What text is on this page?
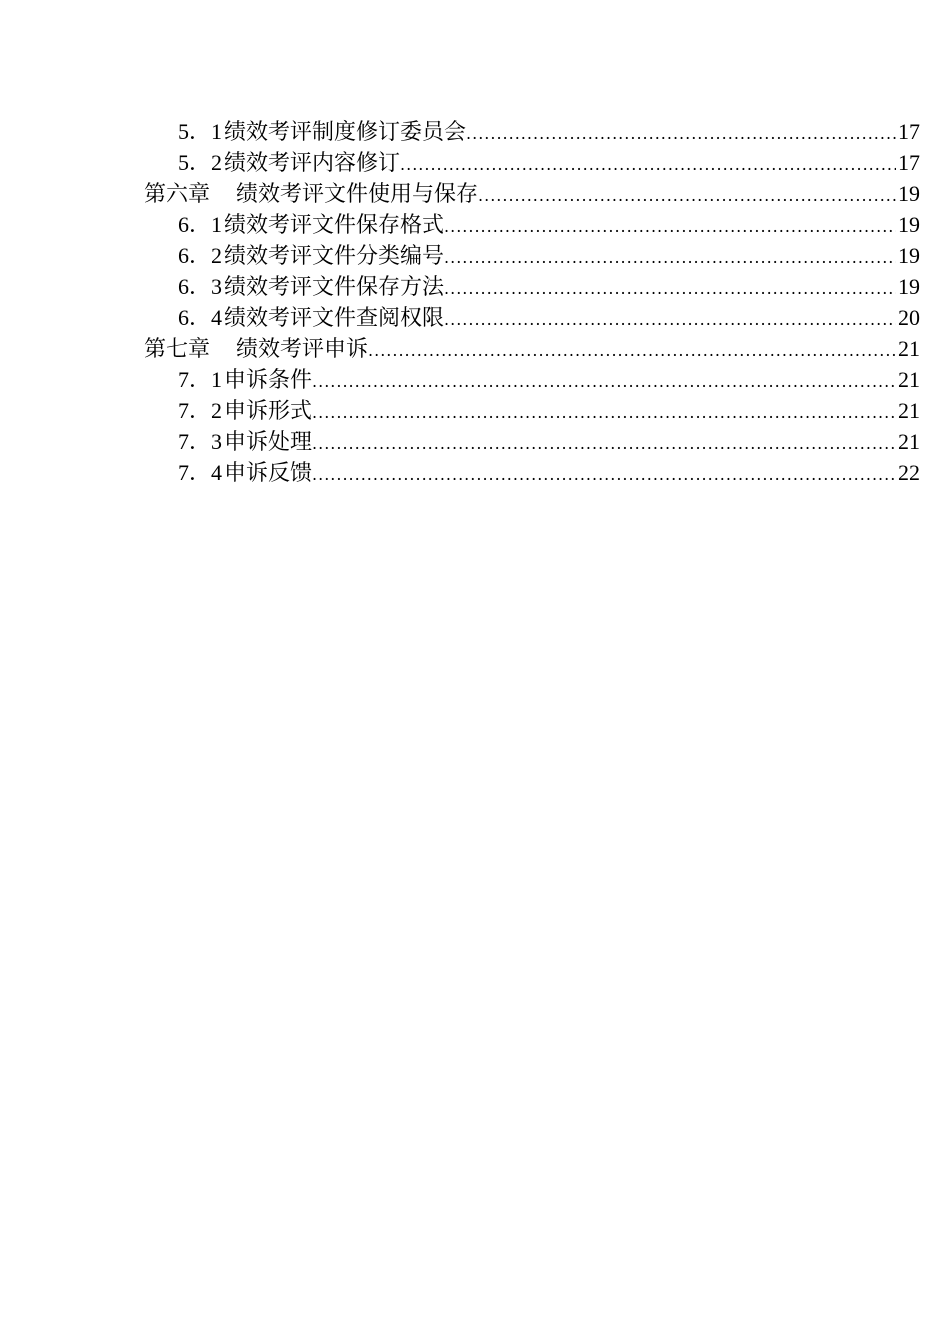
5．1 绩效考评制度修订委员会 .....	17
5．2 绩效考评内容修订 .....	17
第六章 绩效考评文件使用与保存 .....	19
6．1 绩效考评文件保存格式 .....	19
6．2 绩效考评文件分类编号 .....	19
6．3 绩效考评文件保存方法 .....	19
6．4 绩效考评文件查阅权限 .....	20
第七章 绩效考评申诉 .....	21
7．1 申诉条件 .....	21
7．2 申诉形式 .....	21
7．3 申诉处理 .....	21
7．4 申诉反馈 .....	22
